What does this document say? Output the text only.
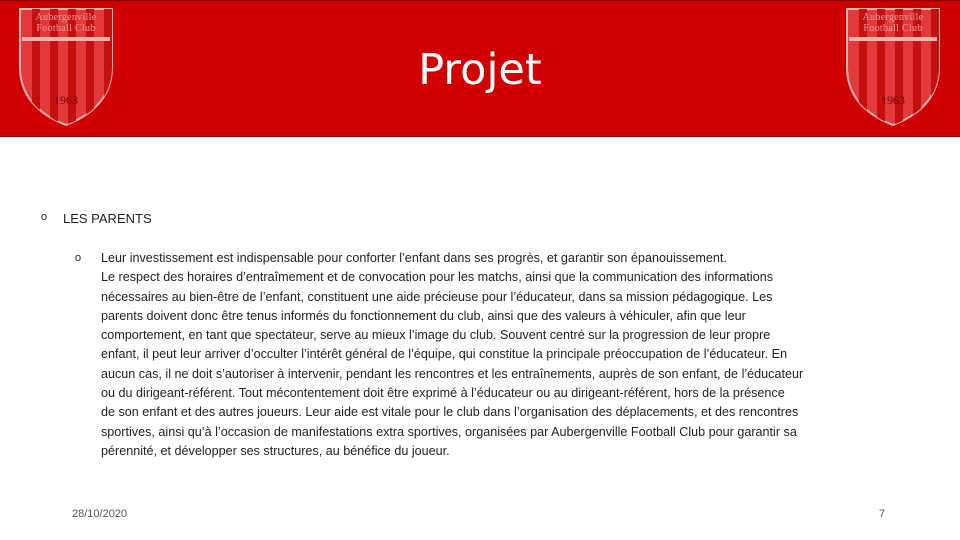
Aubergenville
Football Club
1963
Projet
Aubergenville
Football Club
1963
o LES PARENTS
o Leur investissement est indispensable pour conforter l’enfant dans ses progrès, et garantir son épanouissement.
Le respect des horaires d’entraîmement et de convocation pour les matchs, ainsi que la communication des informations
nécessaires au bien-être de l’enfant, constituent une aide précieuse pour l’éducateur, dans sa mission pédagogique. Les
parents doivent donc être tenus informés du fonctionnement du club, ainsi que des valeurs à véhiculer, afin que leur
comportement, en tant que spectateur, serve au mieux l’image du club. Souvent centré sur la progression de leur propre
enfant, il peut leur arriver d’occulter l’intérêt général de l’équipe, qui constitue la principale préoccupation de l’éducateur. En
aucun cas, il ne doit s’autoriser à intervenir, pendant les rencontres et les entraînements, auprès de son enfant, de l’éducateur
ou du dirigeant-référent. Tout mécontentement doit être exprimé à l’éducateur ou au dirigeant-référent, hors de la présence
de son enfant et des autres joueurs. Leur aide est vitale pour le club dans l’organisation des déplacements, et des rencontres
sportives, ainsi qu’à l’occasion de manifestations extra sportives, organisées par Aubergenville Football Club pour garantir sa
pérennité, et développer ses structures, au bénéfice du joueur.
28/10/2020	7
